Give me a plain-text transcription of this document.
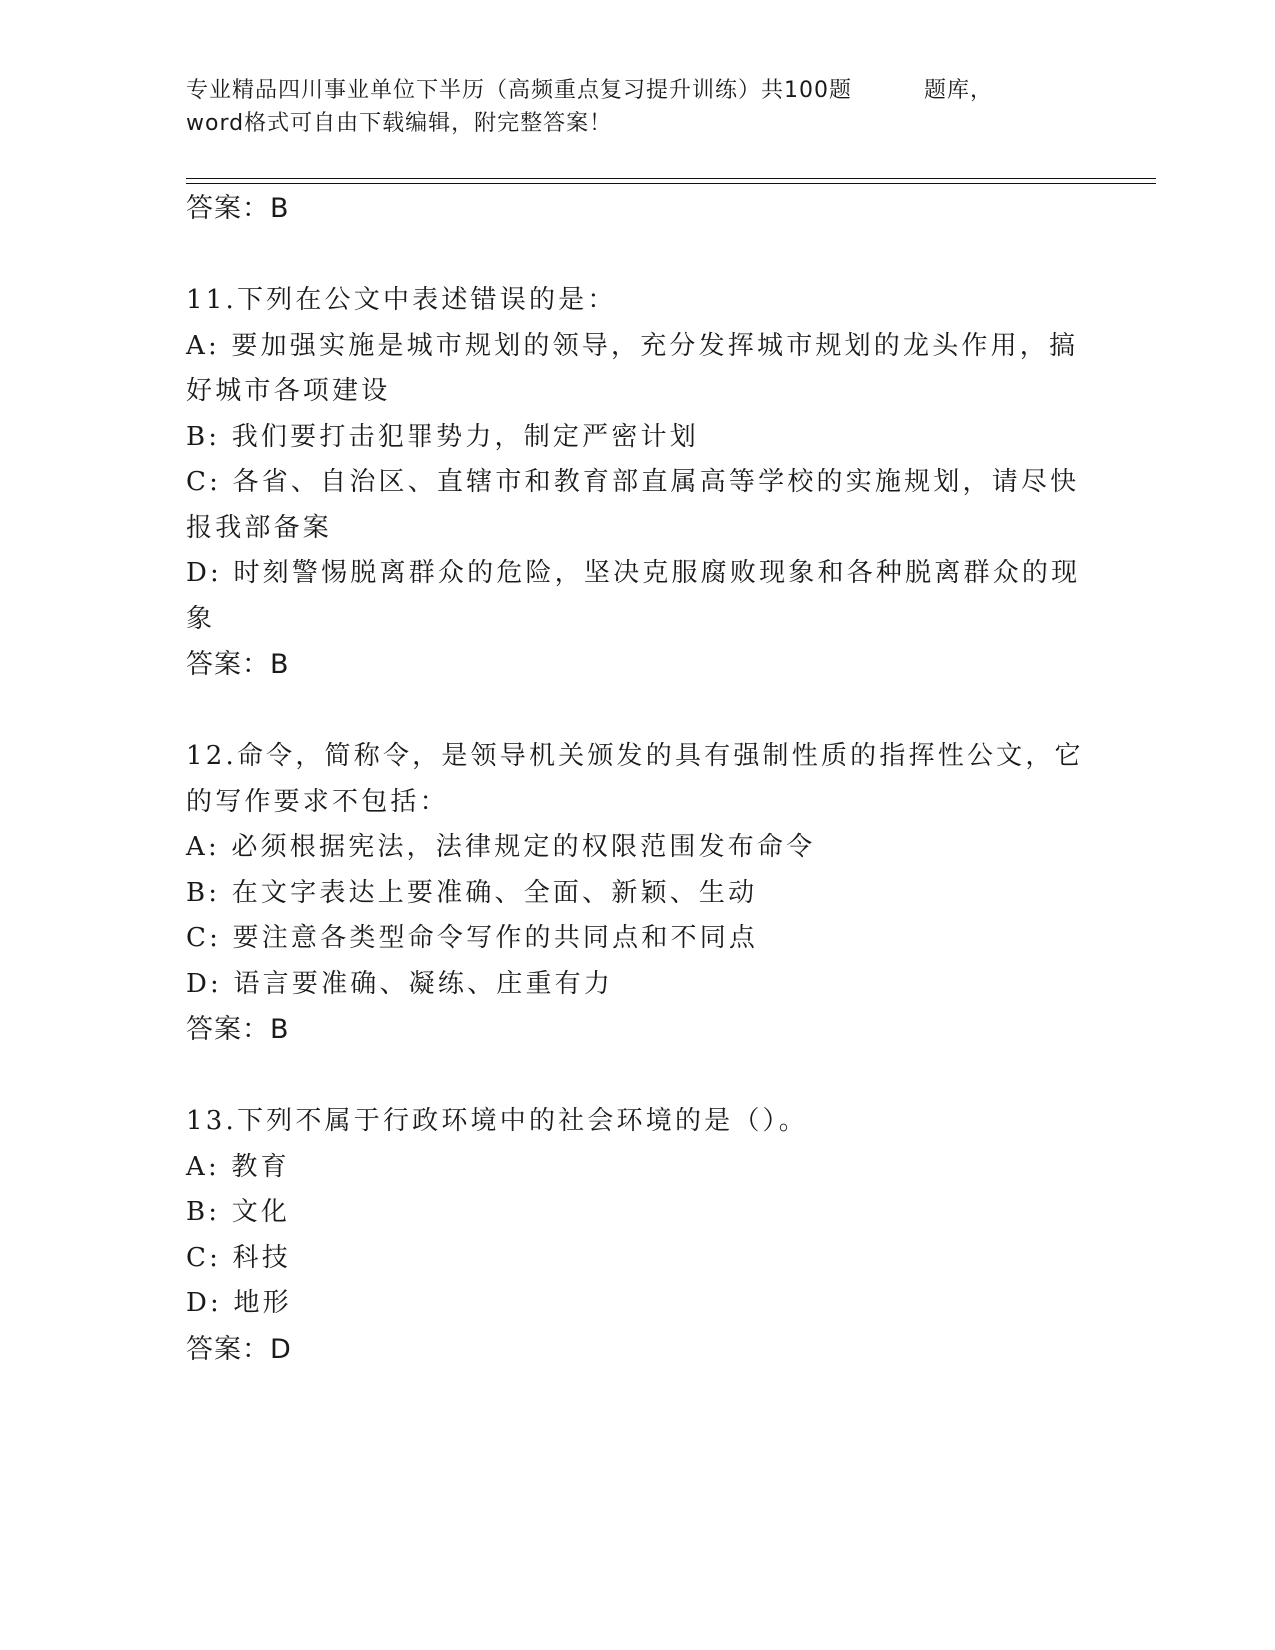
专业精品四川事业单位下半历（高频重点复习提升训练）共100题	题库，
word格式可自由下载编辑，附完整答案！
答案：B
11.下列在公文中表述错误的是：
A: 要加强实施是城市规划的领导，充分发挥城市规划的龙头作用，搞好城市各项建设
B: 我们要打击犯罪势力，制定严密计划
C: 各省、自治区、直辖市和教育部直属高等学校的实施规划，请尽快报我部备案
D: 时刻警惕脱离群众的危险，坚决克服腐败现象和各种脱离群众的现象
答案：B
12.命令，简称令，是领导机关颁发的具有强制性质的指挥性公文，它的写作要求不包括：
A: 必须根据宪法，法律规定的权限范围发布命令
B: 在文字表达上要准确、全面、新颖、生动
C: 要注意各类型命令写作的共同点和不同点
D: 语言要准确、凝练、庄重有力
答案：B
13.下列不属于行政环境中的社会环境的是（）。
A: 教育
B: 文化
C: 科技
D: 地形
答案：D
